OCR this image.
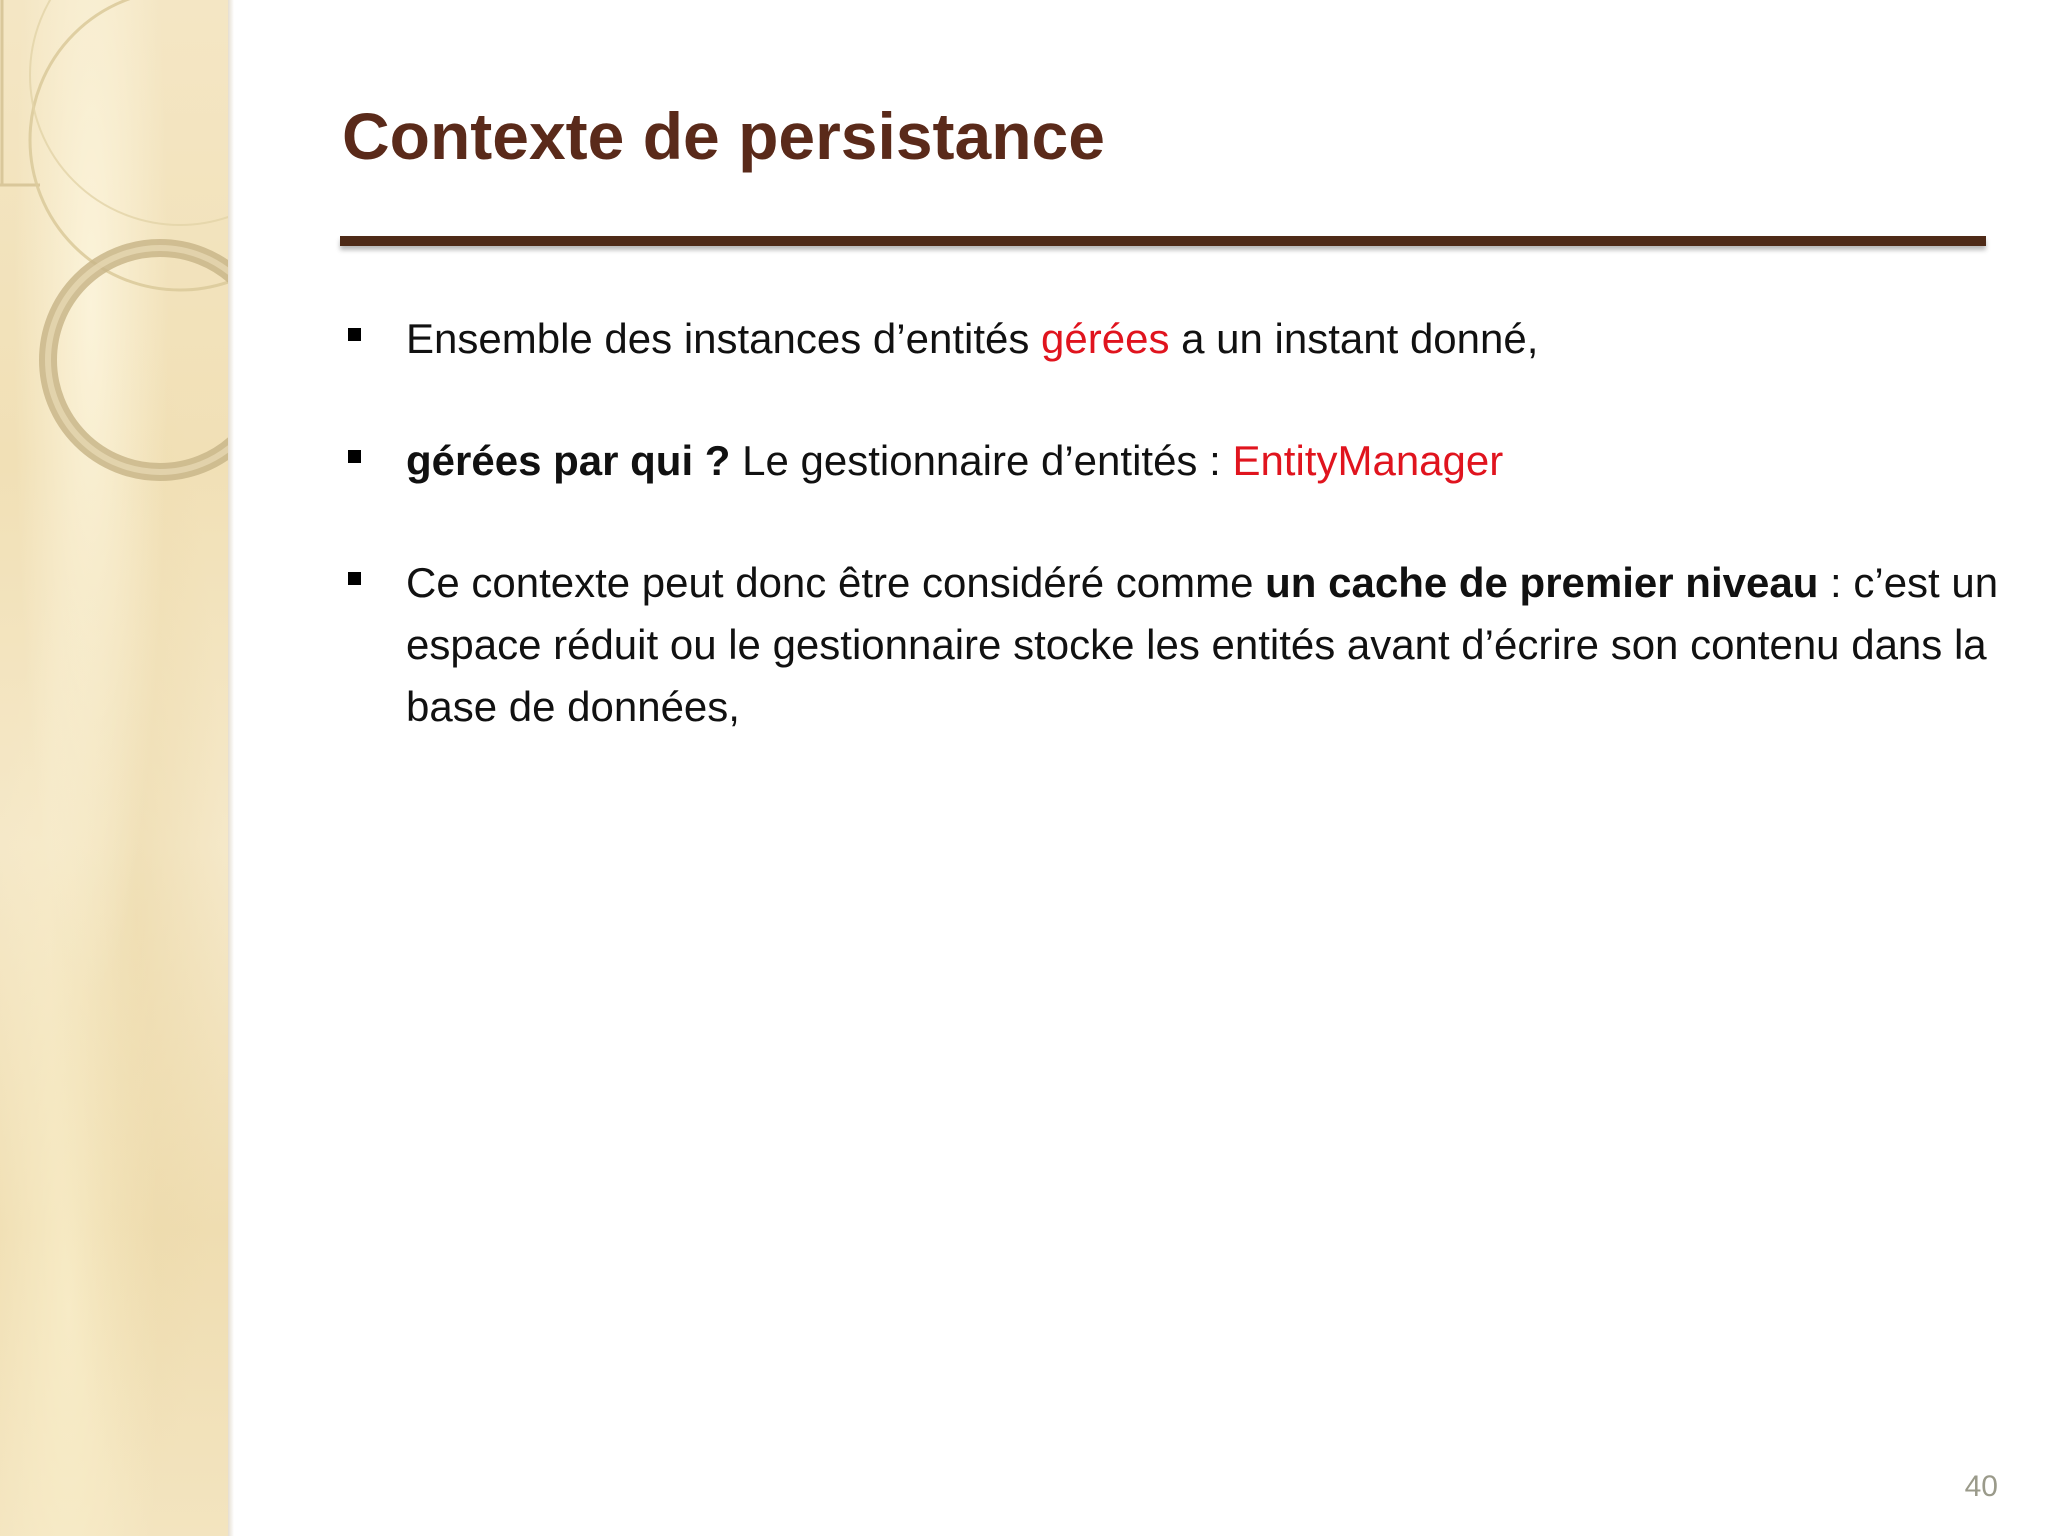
Contexte de persistance
Ensemble des instances d’entités gérées a un instant donné,
gérées par qui ? Le gestionnaire d’entités : EntityManager
Ce contexte peut donc être considéré comme un cache de premier niveau : c’est un espace réduit ou le gestionnaire stocke les entités avant d’écrire son contenu dans la base de données,
40
